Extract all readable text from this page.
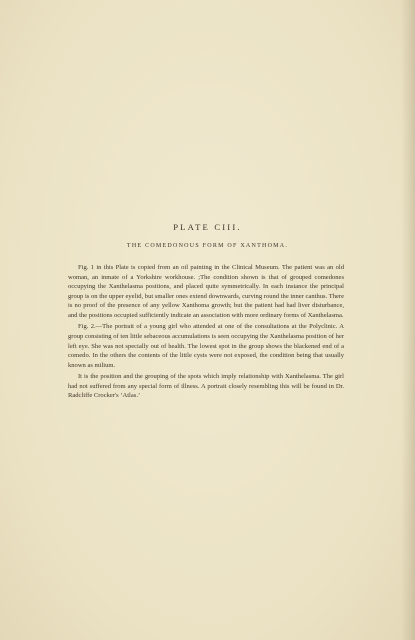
PLATE CIII.
THE COMEDONOUS FORM OF XANTHOMA.

Fig. 1 in this Plate is copied from an oil painting in the Clinical Museum. The patient was an old woman, an inmate of a Yorkshire workhouse. ;The condition shown is that of grouped comedones occupying the Xanthelasma positions, and placed quite symmetrically. In each instance the principal group is on the upper eyelid, but smaller ones extend downwards, curving round the inner canthus. There is no proof of the presence of any yellow Xanthoma growth; but the patient had had liver disturbance, and the positions occupied sufficiently indicate an association with more ordinary forms of Xanthelasma.

Fig. 2.—The portrait of a young girl who attended at one of the consultations at the Polyclinic. A group consisting of ten little sebaceous accumulations is seen occupying the Xanthelasma position of her left eye. She was not specially out of health. The lowest spot in the group shows the blackened end of a comedo. In the others the contents of the little cysts were not exposed, the condition being that usually known as milium.

It is the position and the grouping of the spots which imply relationship with Xanthelasma. The girl had not suffered from any special form of illness. A portrait closely resembling this will be found in Dr. Radcliffe Crocker's ‘Atlas.’
